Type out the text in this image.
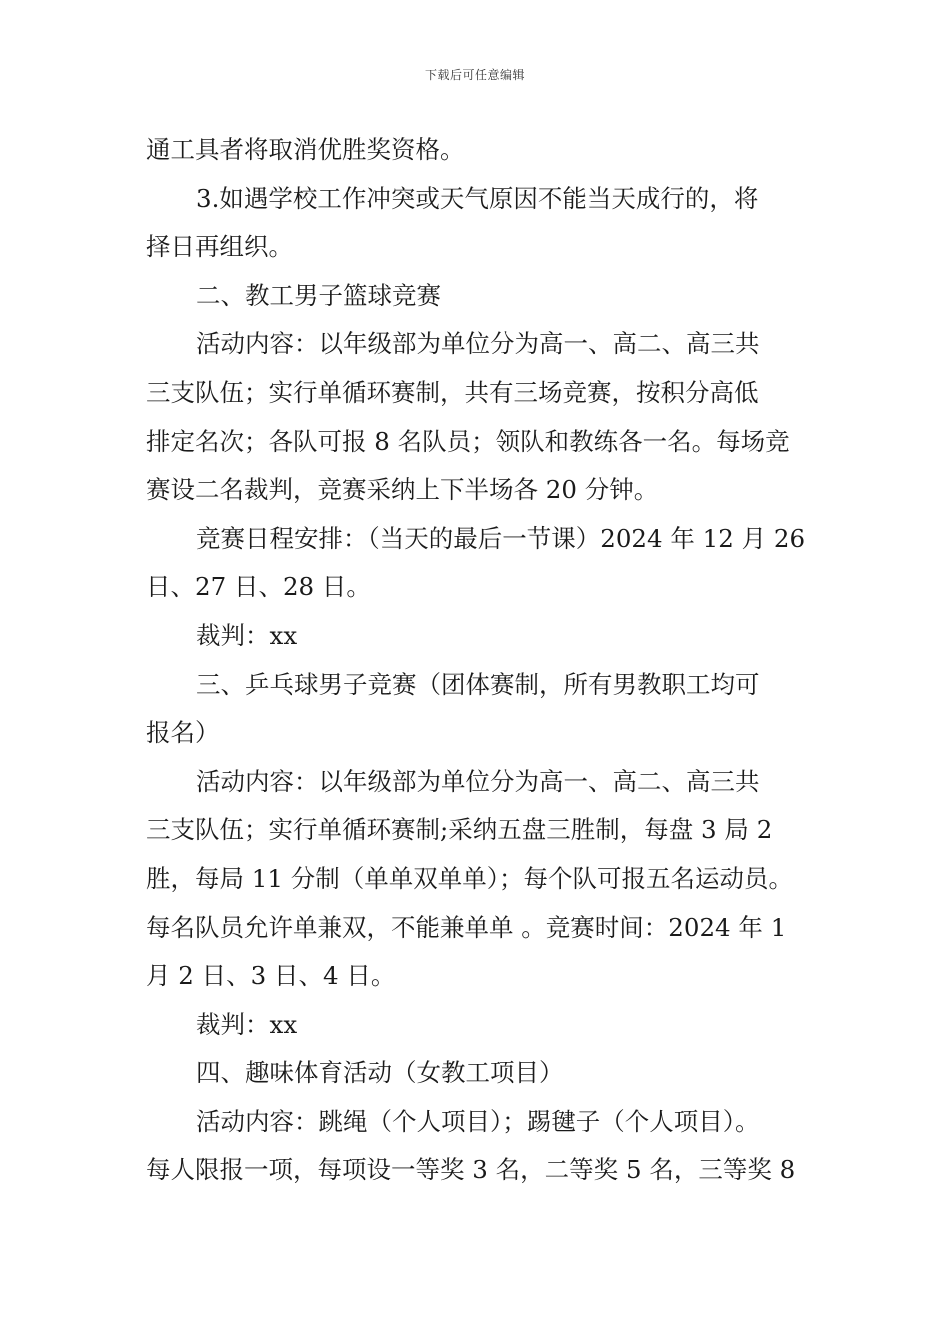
下载后可任意编辑
通工具者将取消优胜奖资格。
3.如遇学校工作冲突或天气原因不能当天成行的，将
择日再组织。
二、教工男子篮球竞赛
活动内容：以年级部为单位分为高一、高二、高三共
三支队伍；实行单循环赛制，共有三场竞赛，按积分高低
排定名次；各队可报 8 名队员；领队和教练各一名。每场竞
赛设二名裁判，竞赛采纳上下半场各 20 分钟。
竞赛日程安排：（当天的最后一节课）2024 年 12 月 26
日、27 日、28 日。
裁判：xx
三、乒乓球男子竞赛（团体赛制，所有男教职工均可
报名）
活动内容：以年级部为单位分为高一、高二、高三共
三支队伍；实行单循环赛制;采纳五盘三胜制，每盘 3 局 2
胜，每局 11 分制（单单双单单）；每个队可报五名运动员。
每名队员允许单兼双，不能兼单单 。竞赛时间：2024 年 1
月 2 日、3 日、4 日。
裁判：xx
四、趣味体育活动（女教工项目）
活动内容：跳绳（个人项目）；踢毽子（个人项目）。
每人限报一项，每项设一等奖 3 名，二等奖 5 名，三等奖 8
